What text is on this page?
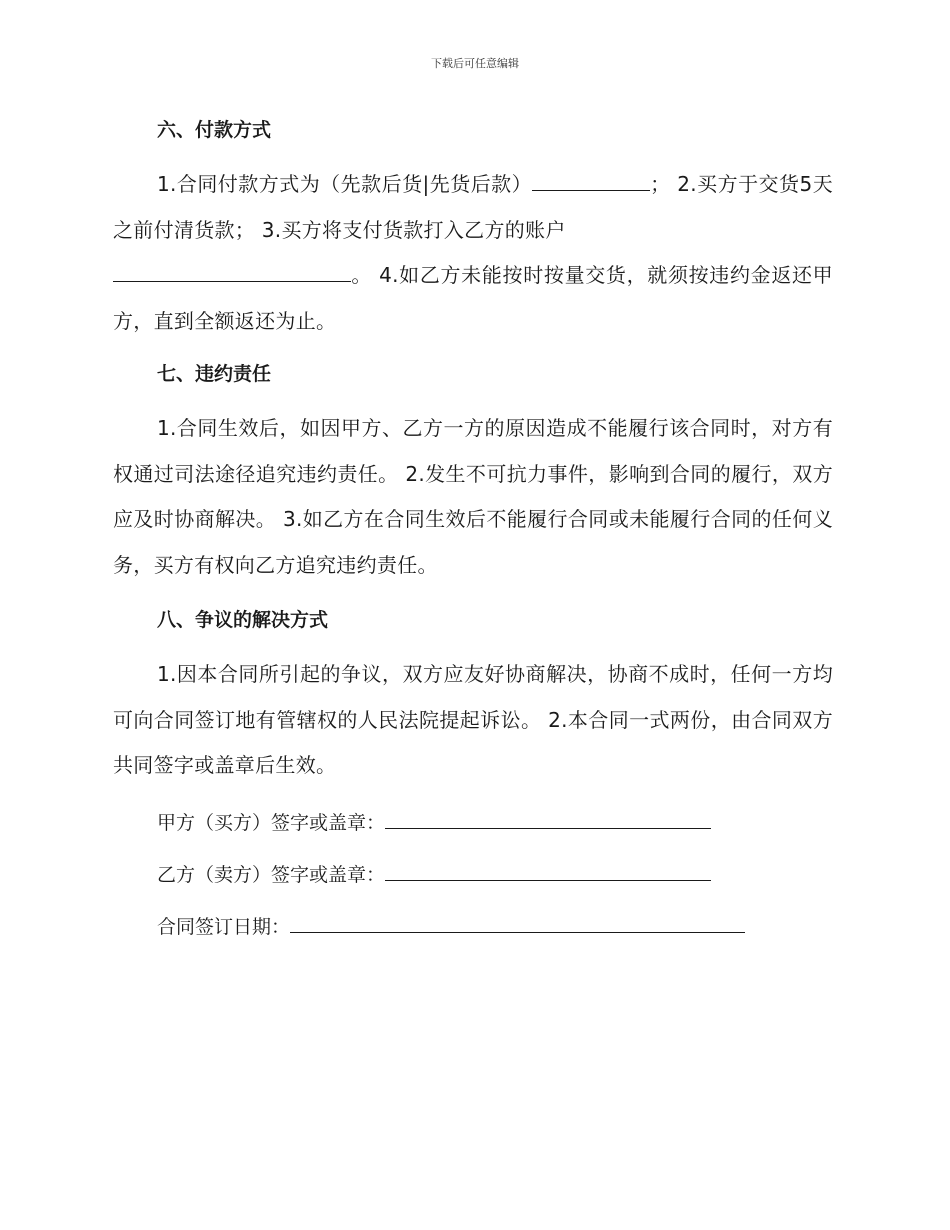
下载后可任意编辑
六、付款方式

1.合同付款方式为（先款后货|先货后款）	； 2.买方于交货5天之前付清货款； 3.买方将支付货款打入乙方的账户
。 4.如乙方未能按时按量交货，就须按违约金返还甲方，直到全额返还为止。

七、违约责任

1.合同生效后，如因甲方、乙方一方的原因造成不能履行该合同时，对方有权通过司法途径追究违约责任。 2.发生不可抗力事件，影响到合同的履行，双方应及时协商解决。 3.如乙方在合同生效后不能履行合同或未能履行合同的任何义务，买方有权向乙方追究违约责任。

八、争议的解决方式

1.因本合同所引起的争议，双方应友好协商解决，协商不成时，任何一方均可向合同签订地有管辖权的人民法院提起诉讼。 2.本合同一式两份，由合同双方共同签字或盖章后生效。

甲方（买方）签字或盖章：
乙方（卖方）签字或盖章：
合同签订日期：
